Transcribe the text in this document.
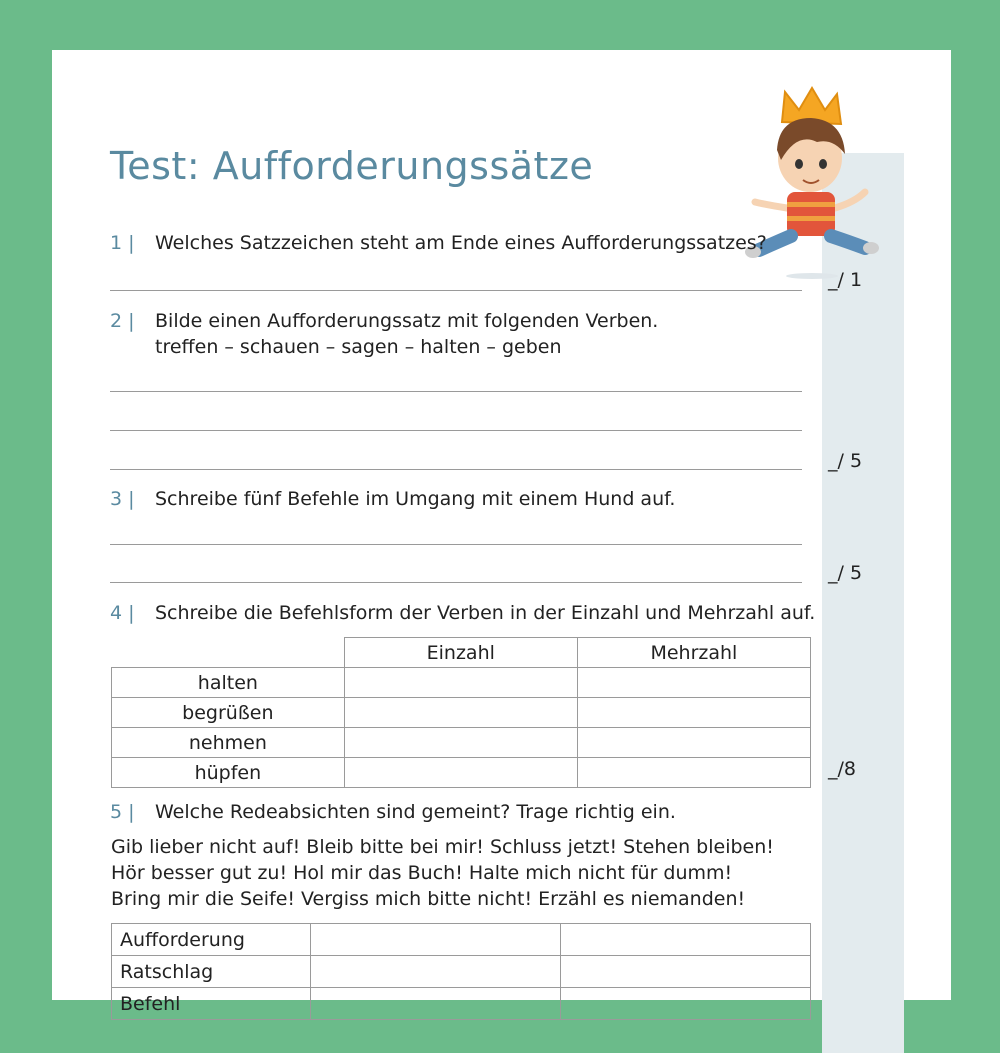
Test: Aufforderungssätze
1 | Welches Satzzeichen steht am Ende eines Aufforderungssatzes?
_/ 1
2 | Bilde einen Aufforderungssatz mit folgenden Verben.
treffen – schauen – sagen – halten – geben
_/ 5
3 | Schreibe fünf Befehle im Umgang mit einem Hund auf.
_/ 5
4 | Schreibe die Befehlsform der Verben in der Einzahl und Mehrzahl auf.
	Einzahl	Mehrzahl
halten		
begrüßen		
nehmen		
hüpfen			_/8
5 | Welche Redeabsichten sind gemeint? Trage richtig ein.
Gib lieber nicht auf! Bleib bitte bei mir! Schluss jetzt! Stehen bleiben!
Hör besser gut zu! Hol mir das Buch! Halte mich nicht für dumm!
Bring mir die Seife! Vergiss mich bitte nicht! Erzähl es niemanden!
Aufforderung		
Ratschlag		
Befehl		
